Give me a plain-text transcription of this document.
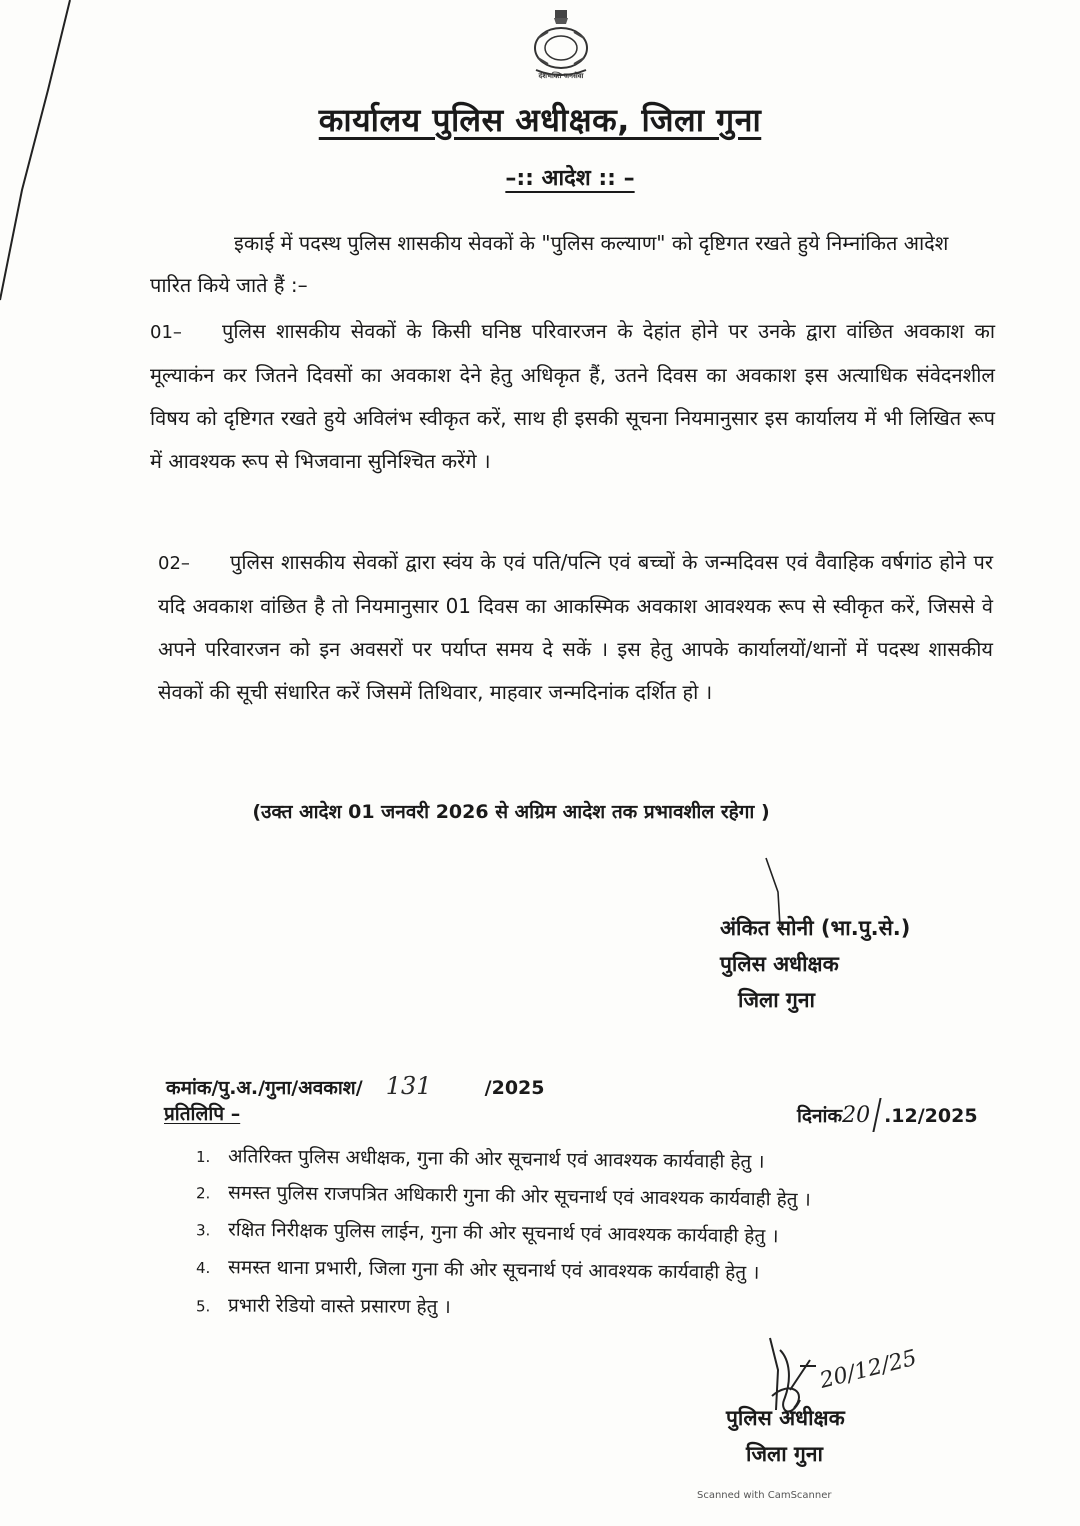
देशभक्ति जनसेवा
कार्यालय पुलिस अधीक्षक, जिला गुना
–:: आदेश :: –

इकाई में पदस्थ पुलिस शासकीय सेवकों के "पुलिस कल्याण" को दृष्टिगत रखते हुये निम्नांकित आदेश पारित किये जाते हैं :–

01– पुलिस शासकीय सेवकों के किसी घनिष्ठ परिवारजन के देहांत होने पर उनके द्वारा वांछित अवकाश का मूल्याकंन कर जितने दिवसों का अवकाश देने हेतु अधिकृत हैं, उतने दिवस का अवकाश इस अत्याधिक संवेदनशील विषय को दृष्टिगत रखते हुये अविलंभ स्वीकृत करें, साथ ही इसकी सूचना नियमानुसार इस कार्यालय में भी लिखित रूप में आवश्यक रूप से भिजवाना सुनिश्चित करेंगे ।

02– पुलिस शासकीय सेवकों द्वारा स्वंय के एवं पति/पत्नि एवं बच्चों के जन्मदिवस एवं वैवाहिक वर्षगांठ होने पर यदि अवकाश वांछित है तो नियमानुसार 01 दिवस का आकस्मिक अवकाश आवश्यक रूप से स्वीकृत करें, जिससे वे अपने परिवारजन को इन अवसरों पर पर्याप्त समय दे सकें । इस हेतु आपके कार्यालयों/थानों में पदस्थ शासकीय सेवकों की सूची संधारित करें जिसमें तिथिवार, माहवार जन्मदिनांक दर्शित हो ।

(उक्त आदेश 01 जनवरी 2026 से अग्रिम आदेश तक प्रभावशील रहेगा )

अंकित सोनी (भा.पु.से.)

पुलिस अधीक्षक

जिला गुना

कमांक/पु.अ./गुना/अवकाश/ 131	/2025
प्रतिलिपि –	दिनांक20 .12/2025
1. अतिरिक्त पुलिस अधीक्षक, गुना की ओर सूचनार्थ एवं आवश्यक कार्यवाही हेतु ।
2. समस्त पुलिस राजपत्रित अधिकारी गुना की ओर सूचनार्थ एवं आवश्यक कार्यवाही हेतु ।
3. रक्षित निरीक्षक पुलिस लाईन, गुना की ओर सूचनार्थ एवं आवश्यक कार्यवाही हेतु ।
4. समस्त थाना प्रभारी, जिला गुना की ओर सूचनार्थ एवं आवश्यक कार्यवाही हेतु ।
5. प्रभारी रेडियो वास्ते प्रसारण हेतु ।
20/12/25

पुलिस अधीक्षक

जिला गुना

Scanned with CamScanner
